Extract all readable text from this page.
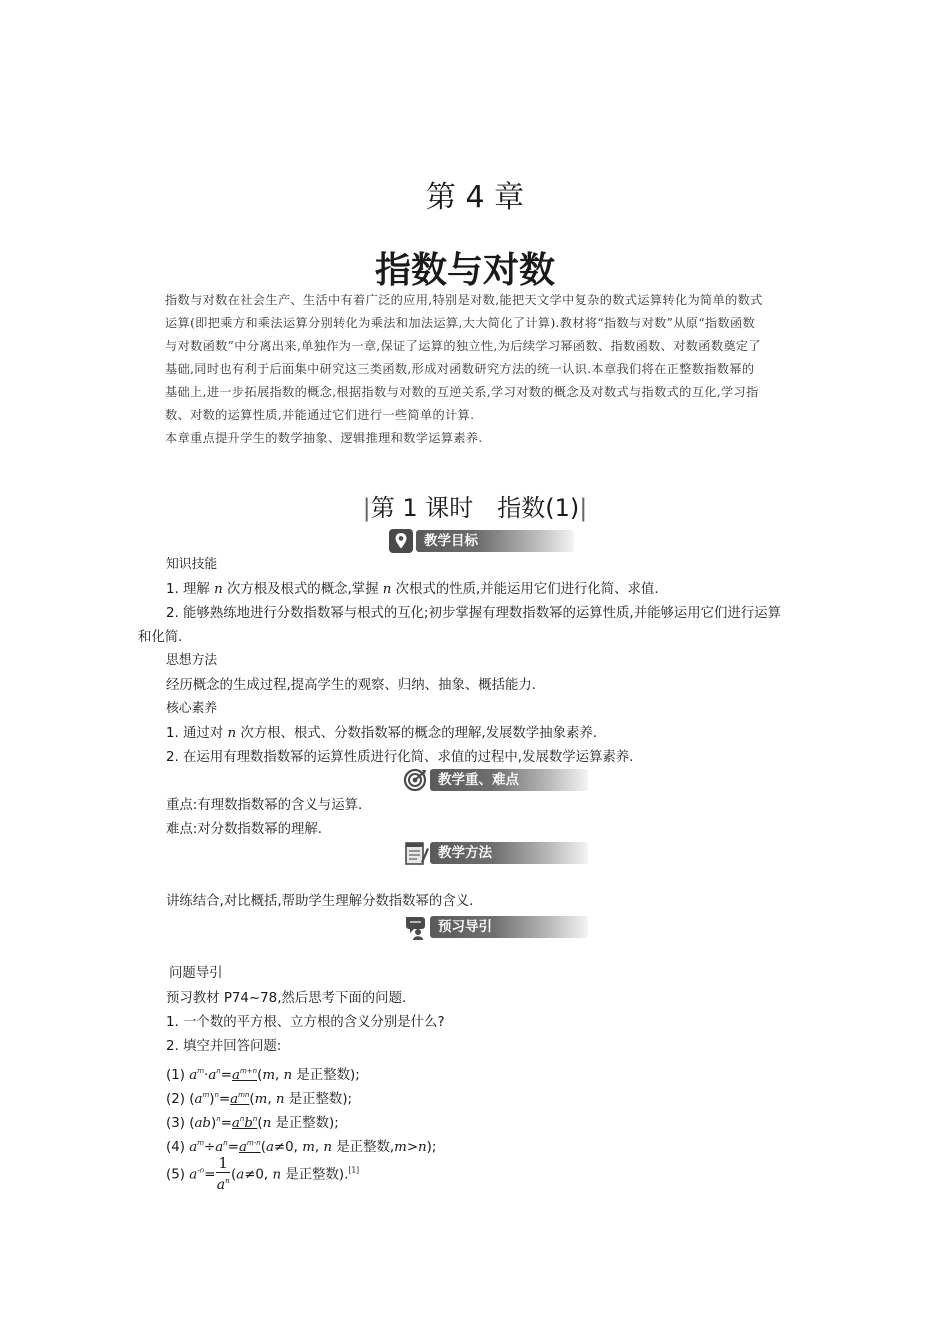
第 4 章
指数与对数

指数与对数在社会生产、生活中有着广泛的应用,特别是对数,能把天文学中复杂的数式运算转化为简单的数式运算(即把乘方和乘法运算分别转化为乘法和加法运算,大大简化了计算).教材将“指数与对数”从原“指数函数与对数函数”中分离出来,单独作为一章,保证了运算的独立性,为后续学习幂函数、指数函数、对数函数奠定了基础,同时也有利于后面集中研究这三类函数,形成对函数研究方法的统一认识.本章我们将在正整数指数幂的基础上,进一步拓展指数的概念,根据指数与对数的互逆关系,学习对数的概念及对数式与指数式的互化,学习指数、对数的运算性质,并能通过它们进行一些简单的计算.

本章重点提升学生的数学抽象、逻辑推理和数学运算素养.

|第 1 课时　指数(1)|
教学目标
知识技能
1. 理解 n 次方根及根式的概念,掌握 n 次根式的性质,并能运用它们进行化简、求值.
2. 能够熟练地进行分数指数幂与根式的互化;初步掌握有理数指数幂的运算性质,并能够运用它们进行运算
和化简.
思想方法
经历概念的生成过程,提高学生的观察、归纳、抽象、概括能力.
核心素养
1. 通过对 n 次方根、根式、分数指数幂的概念的理解,发展数学抽象素养.
2. 在运用有理数指数幂的运算性质进行化简、求值的过程中,发展数学运算素养.
教学重、难点
重点:有理数指数幂的含义与运算.
难点:对分数指数幂的理解.
教学方法
讲练结合,对比概括,帮助学生理解分数指数幂的含义.
预习导引
问题导引
预习教材 P74~78,然后思考下面的问题.
1. 一个数的平方根、立方根的含义分别是什么?
2. 填空并回答问题:
(1) $a^m\cdot a^n=a^{m+n}(m$, n 是正整数);
(2) $(a^m)^n=a^{mn}(m$, n 是正整数);
(3) $(ab)^n=a^nb^n(n$ 是正整数);
(4) $a^m\div a^n=a^{m-n}(a\ne 0$, m, n 是正整数,m>n);
(5) $a^{-n}= \frac{1}{a^n} (a\ne 0$, n 是正整数).[1]
